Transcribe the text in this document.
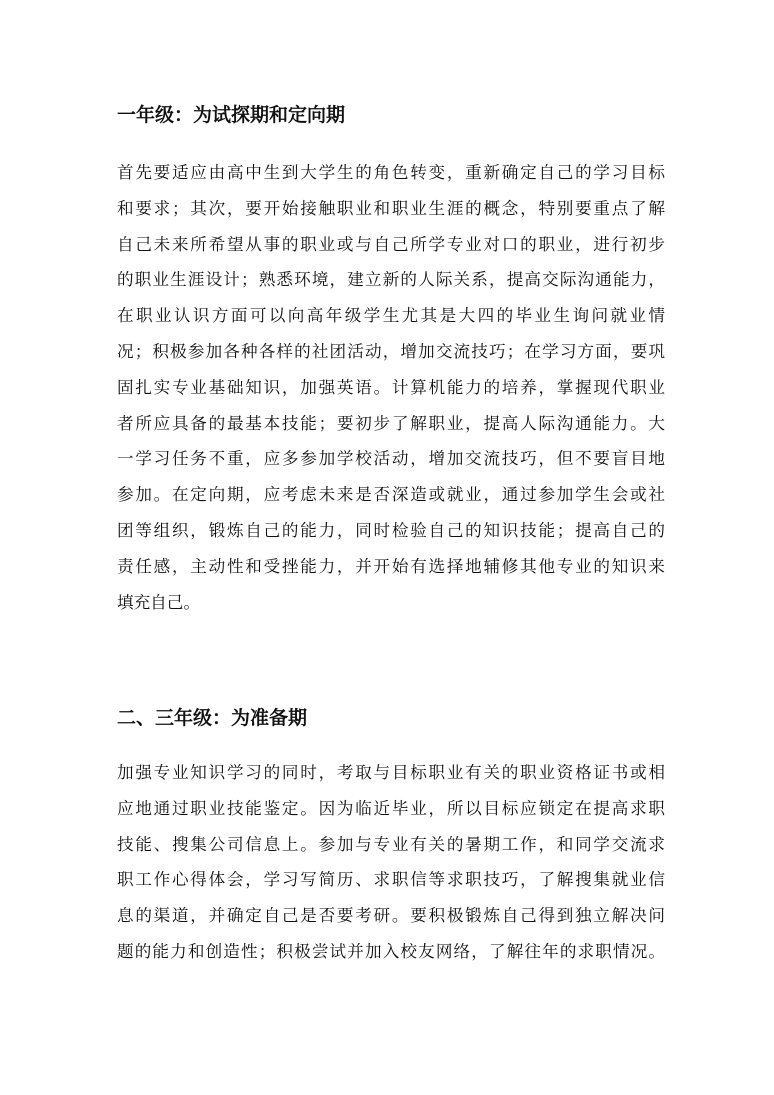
一年级：为试探期和定向期

首先要适应由高中生到大学生的角色转变，重新确定自己的学习目标
和要求；其次，要开始接触职业和职业生涯的概念，特别要重点了解
自己未来所希望从事的职业或与自己所学专业对口的职业，进行初步
的职业生涯设计；熟悉环境，建立新的人际关系，提高交际沟通能力，
在职业认识方面可以向高年级学生尤其是大四的毕业生询问就业情
况；积极参加各种各样的社团活动，增加交流技巧；在学习方面，要巩
固扎实专业基础知识，加强英语。计算机能力的培养，掌握现代职业
者所应具备的最基本技能；要初步了解职业，提高人际沟通能力。大
一学习任务不重，应多参加学校活动，增加交流技巧，但不要盲目地
参加。在定向期，应考虑未来是否深造或就业，通过参加学生会或社
团等组织，锻炼自己的能力，同时检验自己的知识技能；提高自己的
责任感，主动性和受挫能力，并开始有选择地辅修其他专业的知识来
填充自己。

二、三年级：为准备期

加强专业知识学习的同时，考取与目标职业有关的职业资格证书或相
应地通过职业技能鉴定。因为临近毕业，所以目标应锁定在提高求职
技能、搜集公司信息上。参加与专业有关的暑期工作，和同学交流求
职工作心得体会，学习写简历、求职信等求职技巧，了解搜集就业信
息的渠道，并确定自己是否要考研。要积极锻炼自己得到独立解决问
题的能力和创造性；积极尝试并加入校友网络，了解往年的求职情况。
